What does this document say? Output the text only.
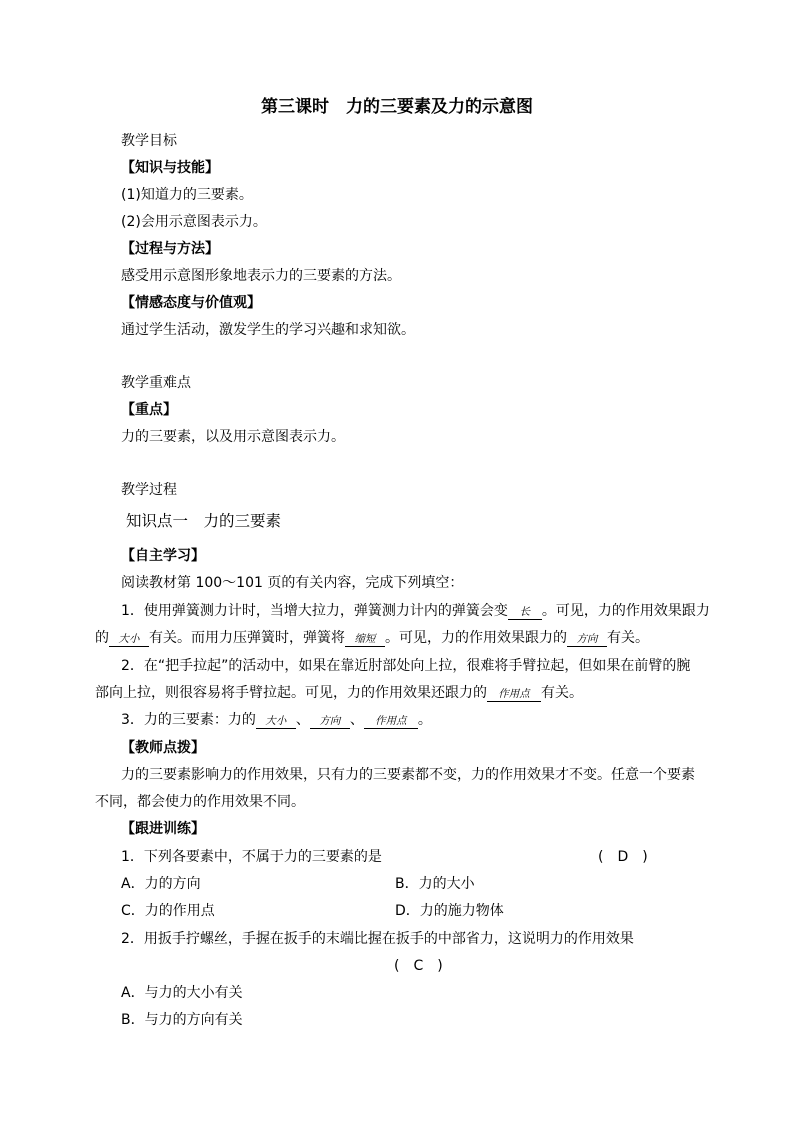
第三课时　力的三要素及力的示意图
教学目标
【知识与技能】
(1)知道力的三要素。
(2)会用示意图表示力。
【过程与方法】
感受用示意图形象地表示力的三要素的方法。
【情感态度与价值观】
通过学生活动，激发学生的学习兴趣和求知欲。
教学重难点
【重点】
力的三要素，以及用示意图表示力。
教学过程
知识点一　力的三要素
【自主学习】
阅读教材第 100～101 页的有关内容，完成下列填空：
1．使用弹簧测力计时，当增大拉力，弹簧测力计内的弹簧会变 长 。可见，力的作用效果跟力
的 大小 有关。而用力压弹簧时，弹簧将 缩短 。可见，力的作用效果跟力的 方向 有关。
2．在“把手拉起”的活动中，如果在靠近肘部处向上拉，很难将手臂拉起，但如果在前臂的腕
部向上拉，则很容易将手臂拉起。可见，力的作用效果还跟力的 作用点 有关。
3．力的三要素：力的 大小 、 方向 、 作用点 。
【教师点拨】
力的三要素影响力的作用效果，只有力的三要素都不变，力的作用效果才不变。任意一个要素
不同，都会使力的作用效果不同。
【跟进训练】
1．下列各要素中，不属于力的三要素的是	(　D　)
A．力的方向	B．力的大小
C．力的作用点	D．力的施力物体
2．用扳手拧螺丝，手握在扳手的末端比握在扳手的中部省力，这说明力的作用效果
(　C　)
A．与力的大小有关
B．与力的方向有关
